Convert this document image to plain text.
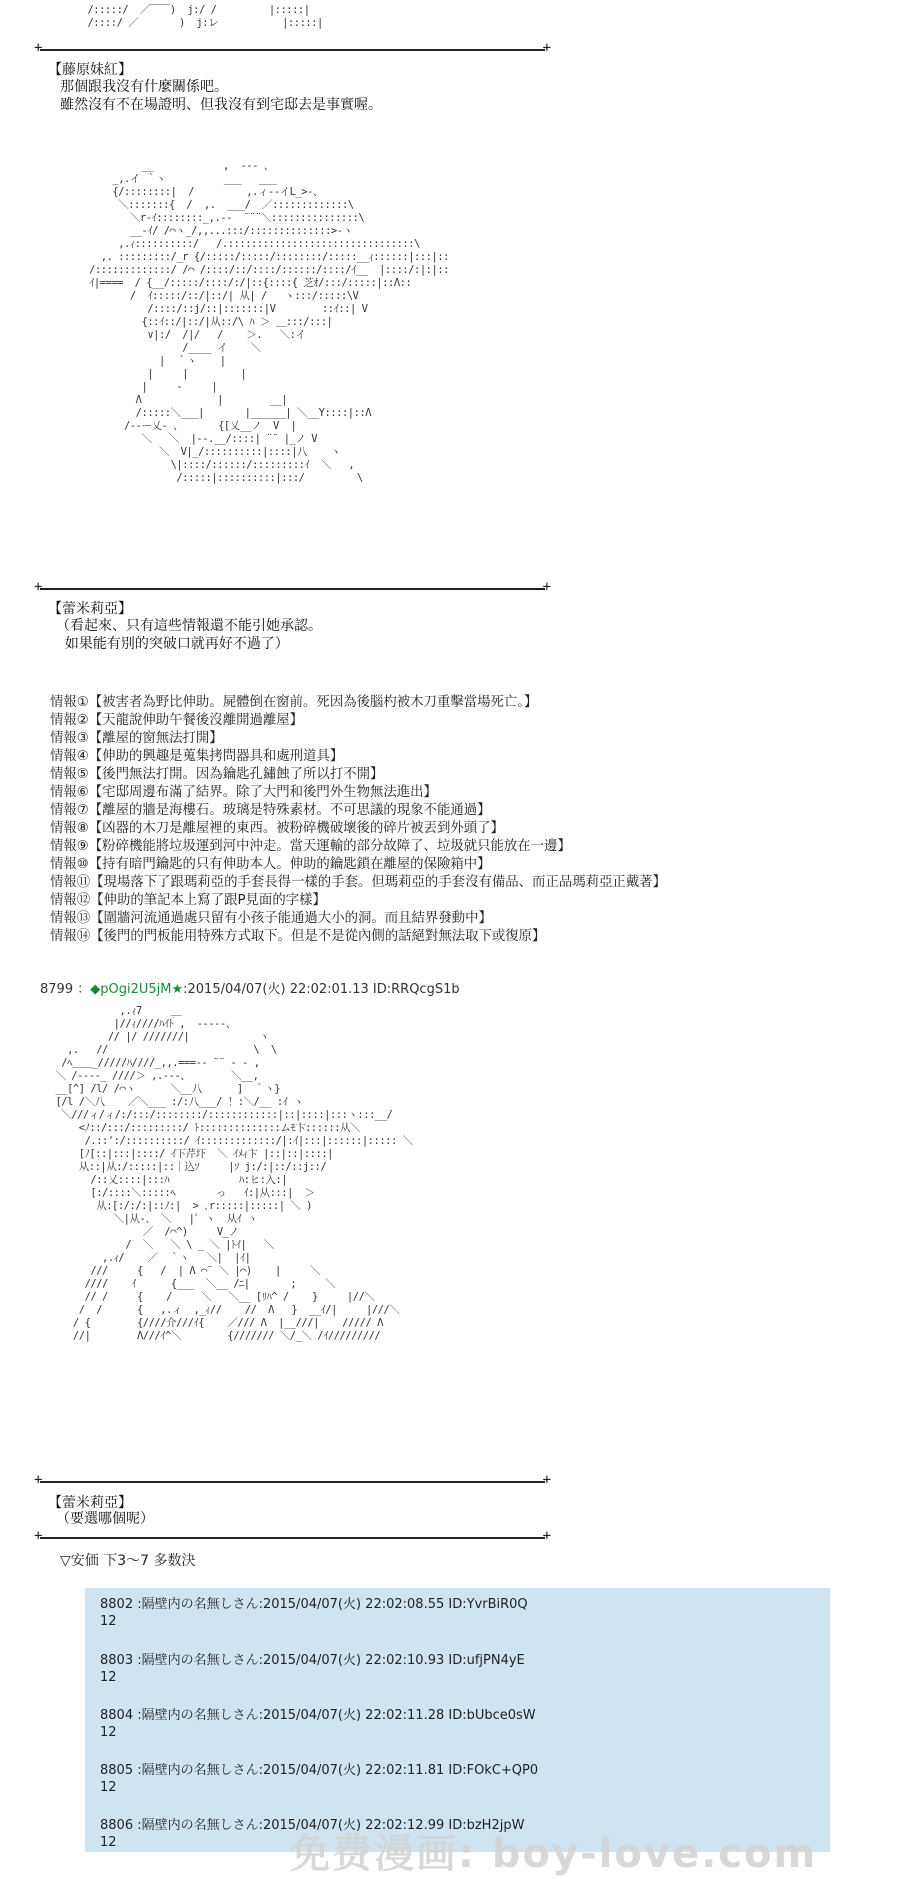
/:::::/  ／￣￣)  j:/ /         |:::::|
/::::/ ／       )  j:レ           |:::::|
+	+
【藤原妹紅】
那個跟我沒有什麼關係吧。
雖然沒有不在場證明、但我沒有到宅邸去是事實喔。
__            ,  --- 、
_,.イ ｀ヽ          ___   ___
{/::::::::|  /         ,.ィ--イL_>-、
＼:::::::{  /  ,.  ___/  ／:::::::::::::\
＼r-ｲ::::::::_,.-‐  ¨¨¨＼:::::::::::::::\
__-ｲ/ /⌒ヽ_/,,...:::/::::::::::::::>-ヽ
,.ｨ::::::::::/   /.::::::::::::::::::::::::::::::::\
,. :::::::::/_r {/:::::/:::::/::::::::/:::::__ｨ::::::|:::|::
/:::::::::::::/ /⌒ /::::/::/::::/::::::/::::/ｲ__  |::::/:|:|::
ｲ|====  / {__/:::::/::::/:/|::{::::{ 芝ｵ/:::/:::::|::Λ::
/  ｲ:::::/::/|::/| 从| /   ヽ:::/:::::\V
/::::/::j/::|:::::::|V        ::ｲ::| V
{::ｲ::/|::/|从::/\ ﾊ ＞ ＿:::/:::|
∨|:/  /|/   /    ＞.   ＼:イ
/____ イ    ＼
|  ｀ヽ    |
|     |         |
|     ‐     |
Λ             |        __|
/:::::＼___|       |______| ＼__Y::::|::Λ
/‐‐ー乂‐ 、      {[乂__ノ  V  |
＼   ＼  |--.__/::::| ¨¨ |_ノ V
＼  V|_/::::::::::|::::|八    ヽ
\|::::/::::::/:::::::::ｲ  ＼   ,
/:::::|::::::::::|:::/         \
+	+
【蕾米莉亞】
（看起來、只有這些情報還不能引她承認。
如果能有別的突破口就再好不過了）
情報①【被害者為野比伸助。屍體倒在窗前。死因為後腦杓被木刀重擊當場死亡。】
情報②【天龍說伸助午餐後沒離開過離屋】
情報③【離屋的窗無法打開】
情報④【伸助的興趣是蒐集拷問器具和處刑道具】
情報⑤【後門無法打開。因為鑰匙孔鏽蝕了所以打不開】
情報⑥【宅邸周邊布滿了結界。除了大門和後門外生物無法進出】
情報⑦【離屋的牆是海樓石。玻璃是特殊素材。不可思議的現象不能通過】
情報⑧【凶器的木刀是離屋裡的東西。被粉碎機破壞後的碎片被丟到外頭了】
情報⑨【粉碎機能將垃圾運到河中沖走。當天運輸的部分故障了、垃圾就只能放在一邊】
情報⑩【持有暗門鑰匙的只有伸助本人。伸助的鑰匙鎖在離屋的保險箱中】
情報⑪【現場落下了跟瑪莉亞的手套長得一樣的手套。但瑪莉亞的手套沒有備品、而正品瑪莉亞正戴著】
情報⑫【伸助的筆記本上寫了跟P見面的字樣】
情報⑬【圍牆河流通過處只留有小孩子能通過大小的洞。而且結界發動中】
情報⑭【後門的門板能用特殊方式取下。但是不是從內側的話絕對無法取下或復原】
8799 ：◆pOgi2U5jM★:2015/04/07(火) 22:02:01.13 ID:RRQcgS1b
,.ｨ7     ＿
|//ｨ////ﾊｲﾄ ,  -----、
// |/ ///////|            ヽ
,.   //                         \  \
/ﾍ＿＿_/////ﾊ////_,,.===-- ¨¨ ‐ ‐ ,
＼ /----_ ////＞ ,.---、       ＼__,
__[^] /l/ /⌒ヽ      ＼__八      ]  ｀ヽ}
[/l /＼八    ／＼___ :/:八___/ ！:＼/__ :ｲ ヽ
＼///ィ/ィ/:/:::/::::::::/::::::::::::|::|::::|:::ヽ:::__/
<ﾉ::/:::/:::::::::/ ﾄ::::::::::::::ムﾓ卞::::::从＼
/.::':/::::::::::/ ｲ:::::::::::::/|:ｲ|:::|::::::|::::: ＼
[ﾉ[::|:::|::::/ ｲ下芹圷  ＼ ｲﾒｨ卞 |::|::|::::|
从::|从:/:::::|::｜込ｿ     |ｿ j:/:|::/::j::/
/::乂::::|:::ﾊ            ﾊ:ヒ:入:|
[:/::::＼:::::ﾍ       っ   ｲ:|从:::|  ＞
从:[:/:/:|::ﾉ:|  > ､r:::::|:::::| ＼ )
＼|从-、 ＼   |ﾟ ヽ  从ｲ ヽ
／  /⌒^)     V_ノ
/  ＼   ＼ \ _ ＼ |ﾄｲ|   ＼
,.ｨ/    ／  ｀ヽ   ＼|  |ｲ|
///     {   /  | Λ ⌒¨ ＼ |⌒)    |     ＼
////    ｲ      {___  ＼__ /ﾆ|       ;     ＼
// /     {    /     ＼   ＼__ [ﾘﾊ^ /    }     |//＼
/  /      {   ,.ィ  ,_ｨ//    //  Λ   }  __ｲ/|     |///＼
/ {        {////介///ｲ{    ／/// Λ  |__///|    ///// Λ
//|        Λ///ｲ^＼        {/////// ＼/_＼ /ｲ/////////
+	+
【蕾米莉亞】
（要選哪個呢）
+	+
▽安価 下3～7 多数決
8802 :隔壁内の名無しさん:2015/04/07(火) 22:02:08.55 ID:YvrBiR0Q
12
8803 :隔壁内の名無しさん:2015/04/07(火) 22:02:10.93 ID:ufjPN4yE
12
8804 :隔壁内の名無しさん:2015/04/07(火) 22:02:11.28 ID:bUbce0sW
12
8805 :隔壁内の名無しさん:2015/04/07(火) 22:02:11.81 ID:FOkC+QP0
12
8806 :隔壁内の名無しさん:2015/04/07(火) 22:02:12.99 ID:bzH2jpW
12	免费漫画: boy-love.com
